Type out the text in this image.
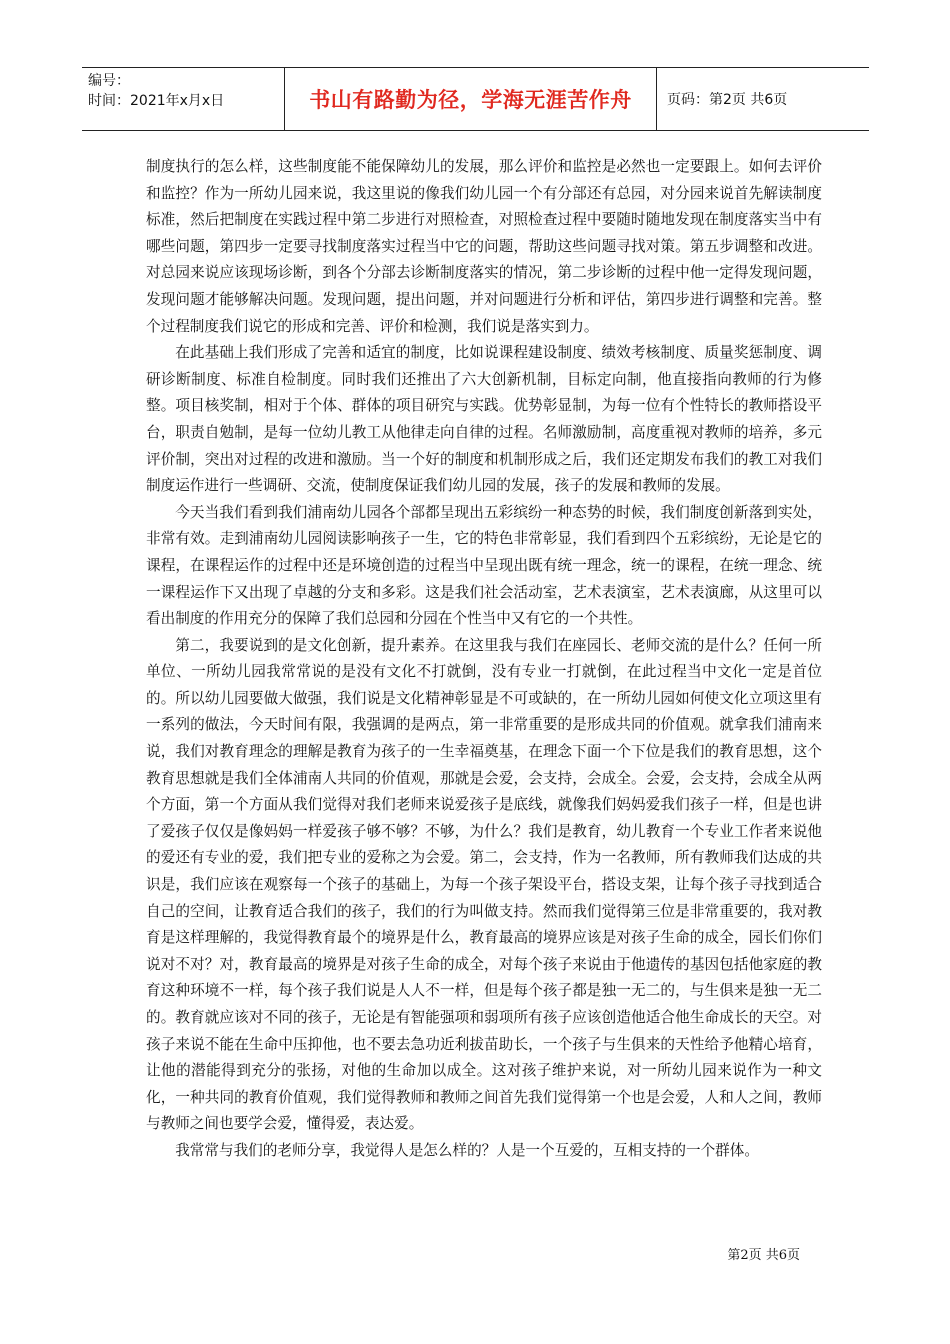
编号：
时间：2021年x月x日	书山有路勤为径，学海无涯苦作舟	页码：第2页 共6页

制度执行的怎么样，这些制度能不能保障幼儿的发展，那么评价和监控是必然也一定要跟上。如何去评价和监控？作为一所幼儿园来说，我这里说的像我们幼儿园一个有分部还有总园，对分园来说首先解读制度标准，然后把制度在实践过程中第二步进行对照检查，对照检查过程中要随时随地发现在制度落实当中有哪些问题，第四步一定要寻找制度落实过程当中它的问题，帮助这些问题寻找对策。第五步调整和改进。对总园来说应该现场诊断，到各个分部去诊断制度落实的情况，第二步诊断的过程中他一定得发现问题，发现问题才能够解决问题。发现问题，提出问题，并对问题进行分析和评估，第四步进行调整和完善。整个过程制度我们说它的形成和完善、评价和检测，我们说是落实到力。

在此基础上我们形成了完善和适宜的制度，比如说课程建设制度、绩效考核制度、质量奖惩制度、调研诊断制度、标准自检制度。同时我们还推出了六大创新机制，目标定向制，他直接指向教师的行为修整。项目核奖制，相对于个体、群体的项目研究与实践。优势彰显制，为每一位有个性特长的教师搭设平台，职责自勉制，是每一位幼儿教工从他律走向自律的过程。名师激励制，高度重视对教师的培养，多元评价制，突出对过程的改进和激励。当一个好的制度和机制形成之后，我们还定期发布我们的教工对我们制度运作进行一些调研、交流，使制度保证我们幼儿园的发展，孩子的发展和教师的发展。

今天当我们看到我们浦南幼儿园各个部都呈现出五彩缤纷一种态势的时候，我们制度创新落到实处，非常有效。走到浦南幼儿园阅读影响孩子一生，它的特色非常彰显，我们看到四个五彩缤纷，无论是它的课程，在课程运作的过程中还是环境创造的过程当中呈现出既有统一理念，统一的课程，在统一理念、统一课程运作下又出现了卓越的分支和多彩。这是我们社会活动室，艺术表演室，艺术表演廊，从这里可以看出制度的作用充分的保障了我们总园和分园在个性当中又有它的一个共性。

第二，我要说到的是文化创新，提升素养。在这里我与我们在座园长、老师交流的是什么？任何一所单位、一所幼儿园我常常说的是没有文化不打就倒，没有专业一打就倒，在此过程当中文化一定是首位的。所以幼儿园要做大做强，我们说是文化精神彰显是不可或缺的，在一所幼儿园如何使文化立项这里有一系列的做法，今天时间有限，我强调的是两点，第一非常重要的是形成共同的价值观。就拿我们浦南来说，我们对教育理念的理解是教育为孩子的一生幸福奠基，在理念下面一个下位是我们的教育思想，这个教育思想就是我们全体浦南人共同的价值观，那就是会爱，会支持，会成全。会爱，会支持，会成全从两个方面，第一个方面从我们觉得对我们老师来说爱孩子是底线，就像我们妈妈爱我们孩子一样，但是也讲了爱孩子仅仅是像妈妈一样爱孩子够不够？不够，为什么？我们是教育，幼儿教育一个专业工作者来说他的爱还有专业的爱，我们把专业的爱称之为会爱。第二，会支持，作为一名教师，所有教师我们达成的共识是，我们应该在观察每一个孩子的基础上，为每一个孩子架设平台，搭设支架，让每个孩子寻找到适合自己的空间，让教育适合我们的孩子，我们的行为叫做支持。然而我们觉得第三位是非常重要的，我对教育是这样理解的，我觉得教育最个的境界是什么，教育最高的境界应该是对孩子生命的成全，园长们你们说对不对？对，教育最高的境界是对孩子生命的成全，对每个孩子来说由于他遗传的基因包括他家庭的教育这种环境不一样，每个孩子我们说是人人不一样，但是每个孩子都是独一无二的，与生俱来是独一无二的。教育就应该对不同的孩子，无论是有智能强项和弱项所有孩子应该创造他适合他生命成长的天空。对孩子来说不能在生命中压抑他，也不要去急功近利拔苗助长，一个孩子与生俱来的天性给予他精心培育，让他的潜能得到充分的张扬，对他的生命加以成全。这对孩子维护来说，对一所幼儿园来说作为一种文化，一种共同的教育价值观，我们觉得教师和教师之间首先我们觉得第一个也是会爱，人和人之间，教师与教师之间也要学会爱，懂得爱，表达爱。

我常常与我们的老师分享，我觉得人是怎么样的？人是一个互爱的，互相支持的一个群体。

第2页 共6页
